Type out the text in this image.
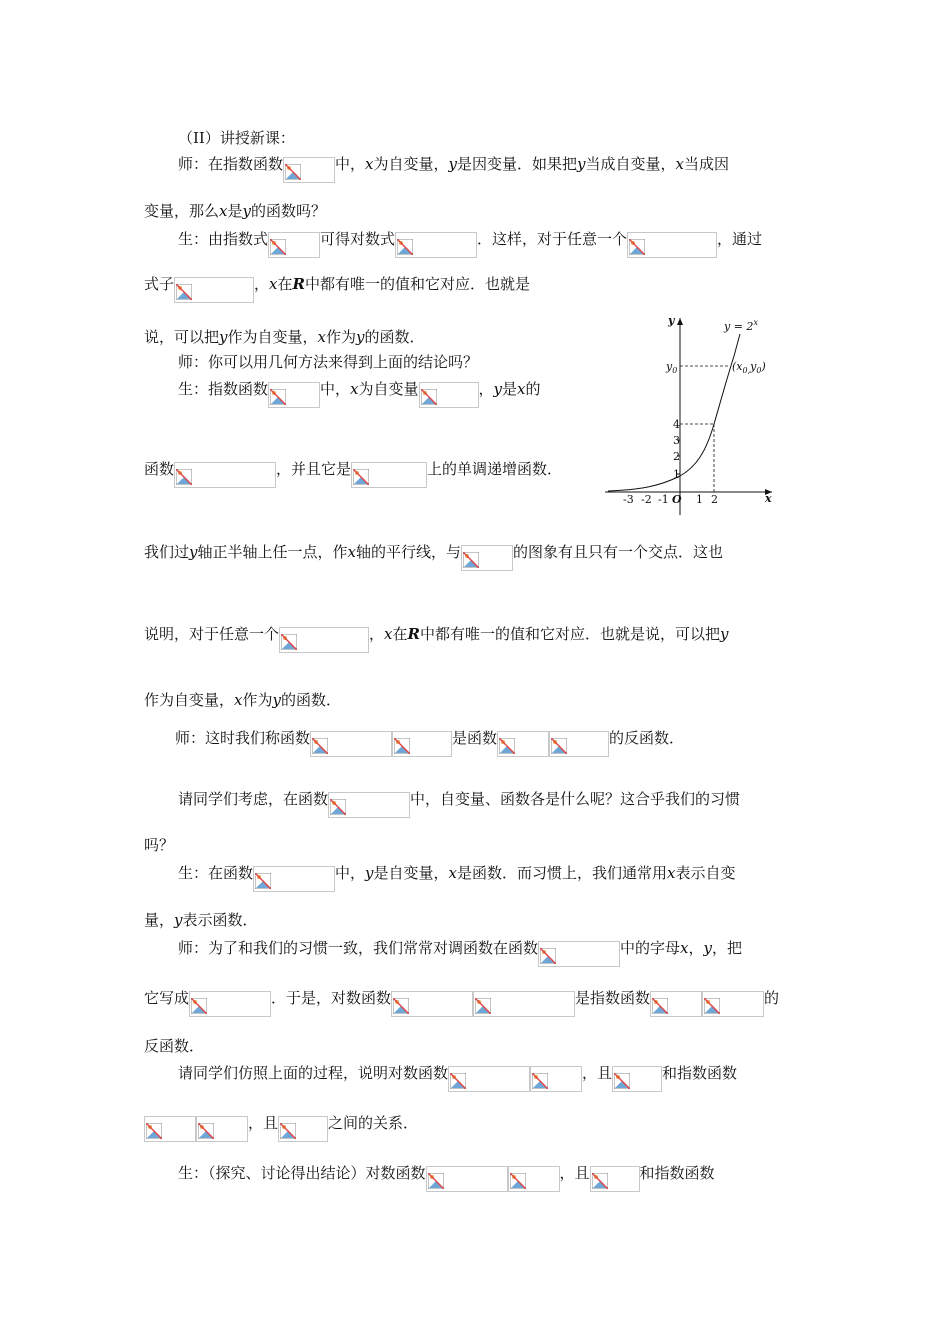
（II）讲授新课：
师：在指数函数	中，x为自变量，y是因变量．如果把y当成自变量，x当成因
变量，那么x是y的函数吗？
生：由指数式	可得对数式	．这样，对于任意一个	，通过
式子	，x在R中都有唯一的值和它对应．也就是
说，可以把y作为自变量，x作为y的函数．
师：你可以用几何方法来得到上面的结论吗？
生：指数函数	中，x为自变量	，y是x的
函数	，并且它是	上的单调递增函数．
y
x
$y = 2^x$
$y_0$	$(x_{0,}y_0)$
O
1
2
3
4
-3 -2 -1 1 2
我们过y轴正半轴上任一点，作x轴的平行线，与	的图象有且只有一个交点．这也
说明，对于任意一个	，x在R中都有唯一的值和它对应．也就是说，可以把y
作为自变量，x作为y的函数．
师：这时我们称函数	是函数	的反函数．
请同学们考虑，在函数	中，自变量、函数各是什么呢？这合乎我们的习惯
吗？
生：在函数	中，y是自变量，x是函数．而习惯上，我们通常用x表示自变
量，y表示函数．
师：为了和我们的习惯一致，我们常常对调函数在函数	中的字母x，y，把
它写成	．于是，对数函数	是指数函数	的
反函数．
请同学们仿照上面的过程，说明对数函数	，且	和指数函数
，且	之间的关系．
生：（探究、讨论得出结论）对数函数	，且	和指数函数
